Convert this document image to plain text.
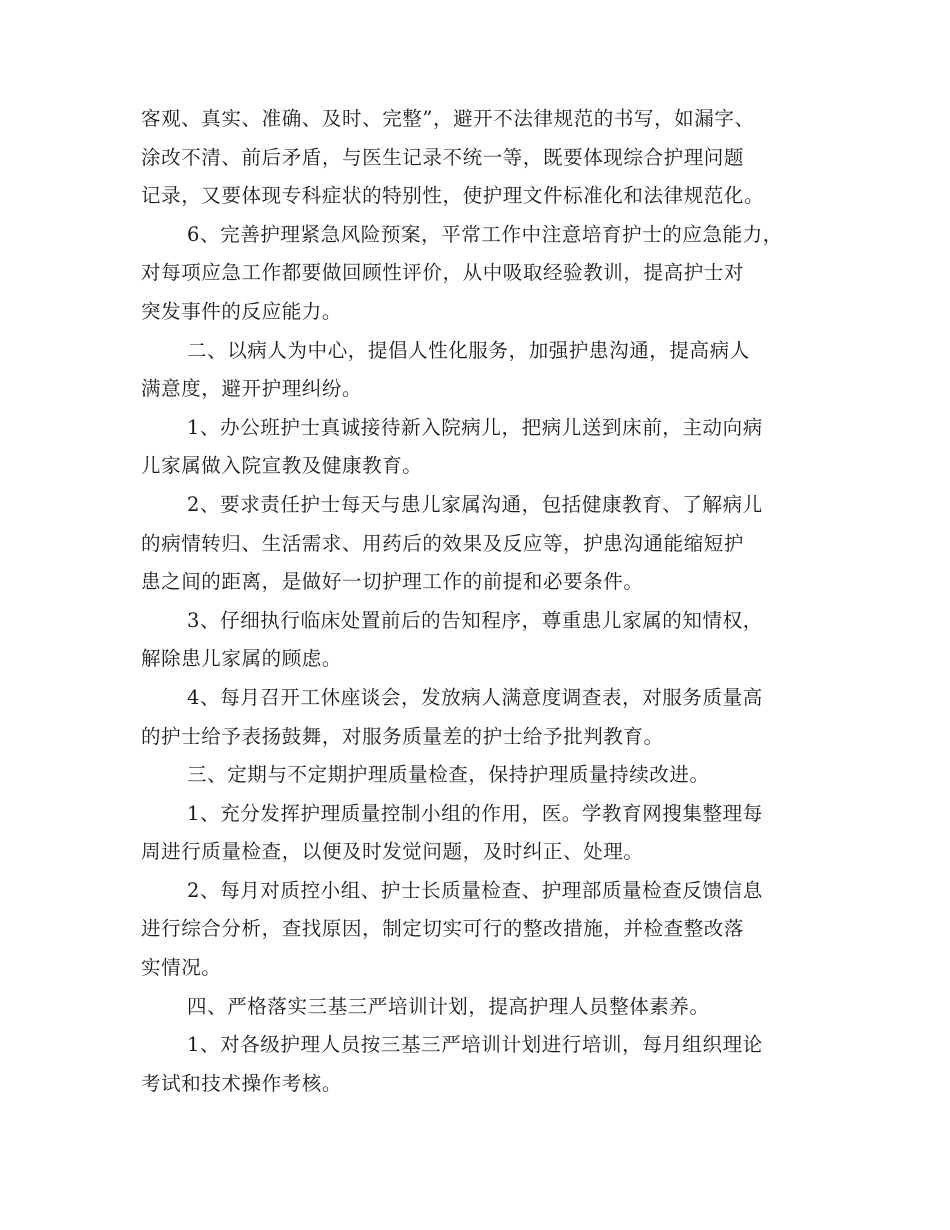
客观、真实、准确、及时、完整”，避开不法律规范的书写，如漏字、
涂改不清、前后矛盾，与医生记录不统一等，既要体现综合护理问题
记录，又要体现专科症状的特别性，使护理文件标准化和法律规范化。
6、完善护理紧急风险预案，平常工作中注意培育护士的应急能力，
对每项应急工作都要做回顾性评价，从中吸取经验教训，提高护士对
突发事件的反应能力。
二、以病人为中心，提倡人性化服务，加强护患沟通，提高病人
满意度，避开护理纠纷。
1、办公班护士真诚接待新入院病儿，把病儿送到床前，主动向病
儿家属做入院宣教及健康教育。
2、要求责任护士每天与患儿家属沟通，包括健康教育、了解病儿
的病情转归、生活需求、用药后的效果及反应等，护患沟通能缩短护
患之间的距离，是做好一切护理工作的前提和必要条件。
3、仔细执行临床处置前后的告知程序，尊重患儿家属的知情权，
解除患儿家属的顾虑。
4、每月召开工休座谈会，发放病人满意度调查表，对服务质量高
的护士给予表扬鼓舞，对服务质量差的护士给予批判教育。
三、定期与不定期护理质量检查，保持护理质量持续改进。
1、充分发挥护理质量控制小组的作用，医。学教育网搜集整理每
周进行质量检查，以便及时发觉问题，及时纠正、处理。
2、每月对质控小组、护士长质量检查、护理部质量检查反馈信息
进行综合分析，查找原因，制定切实可行的整改措施，并检查整改落
实情况。
四、严格落实三基三严培训计划，提高护理人员整体素养。
1、对各级护理人员按三基三严培训计划进行培训，每月组织理论
考试和技术操作考核。
